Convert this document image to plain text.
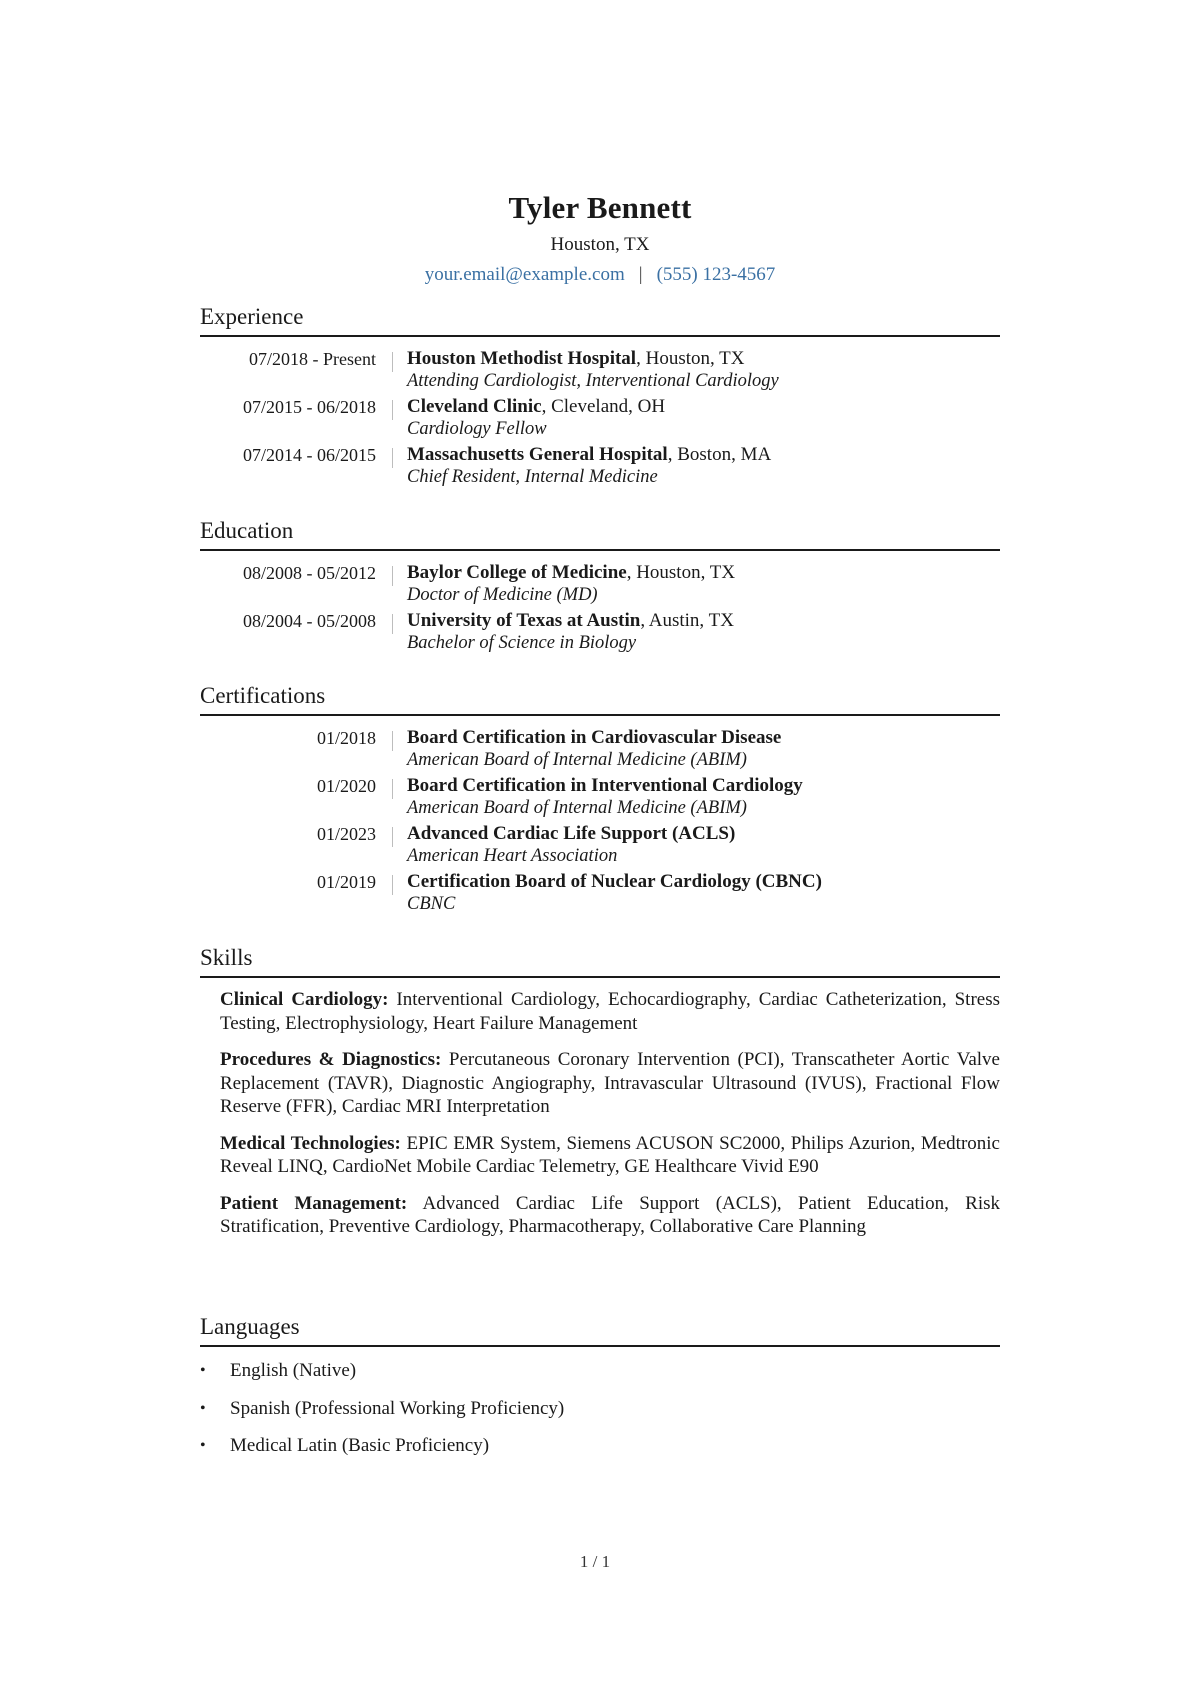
Tyler Bennett
Houston, TX
your.email@example.com | (555) 123-4567
Experience
07/2018 - Present Houston Methodist Hospital, Houston, TX
Attending Cardiologist, Interventional Cardiology
07/2015 - 06/2018 Cleveland Clinic, Cleveland, OH
Cardiology Fellow
07/2014 - 06/2015 Massachusetts General Hospital, Boston, MA
Chief Resident, Internal Medicine
Education
08/2008 - 05/2012 Baylor College of Medicine, Houston, TX
Doctor of Medicine (MD)
08/2004 - 05/2008 University of Texas at Austin, Austin, TX
Bachelor of Science in Biology
Certifications
01/2018 Board Certification in Cardiovascular Disease
American Board of Internal Medicine (ABIM)
01/2020 Board Certification in Interventional Cardiology
American Board of Internal Medicine (ABIM)
01/2023 Advanced Cardiac Life Support (ACLS)
American Heart Association
01/2019 Certification Board of Nuclear Cardiology (CBNC)
CBNC
Skills
Clinical Cardiology: Interventional Cardiology, Echocardiography, Cardiac Catheterization, Stress Testing, Electrophysiology, Heart Failure Management
Procedures & Diagnostics: Percutaneous Coronary Intervention (PCI), Transcatheter Aortic Valve Replacement (TAVR), Diagnostic Angiography, Intravascular Ultrasound (IVUS), Fractional Flow Reserve (FFR), Cardiac MRI Interpretation
Medical Technologies: EPIC EMR System, Siemens ACUSON SC2000, Philips Azurion, Medtronic Reveal LINQ, CardioNet Mobile Cardiac Telemetry, GE Healthcare Vivid E90
Patient Management: Advanced Cardiac Life Support (ACLS), Patient Education, Risk Stratification, Preventive Cardiology, Pharmacotherapy, Collaborative Care Planning
Languages
• English (Native)
• Spanish (Professional Working Proficiency)
• Medical Latin (Basic Proficiency)
1 / 1
